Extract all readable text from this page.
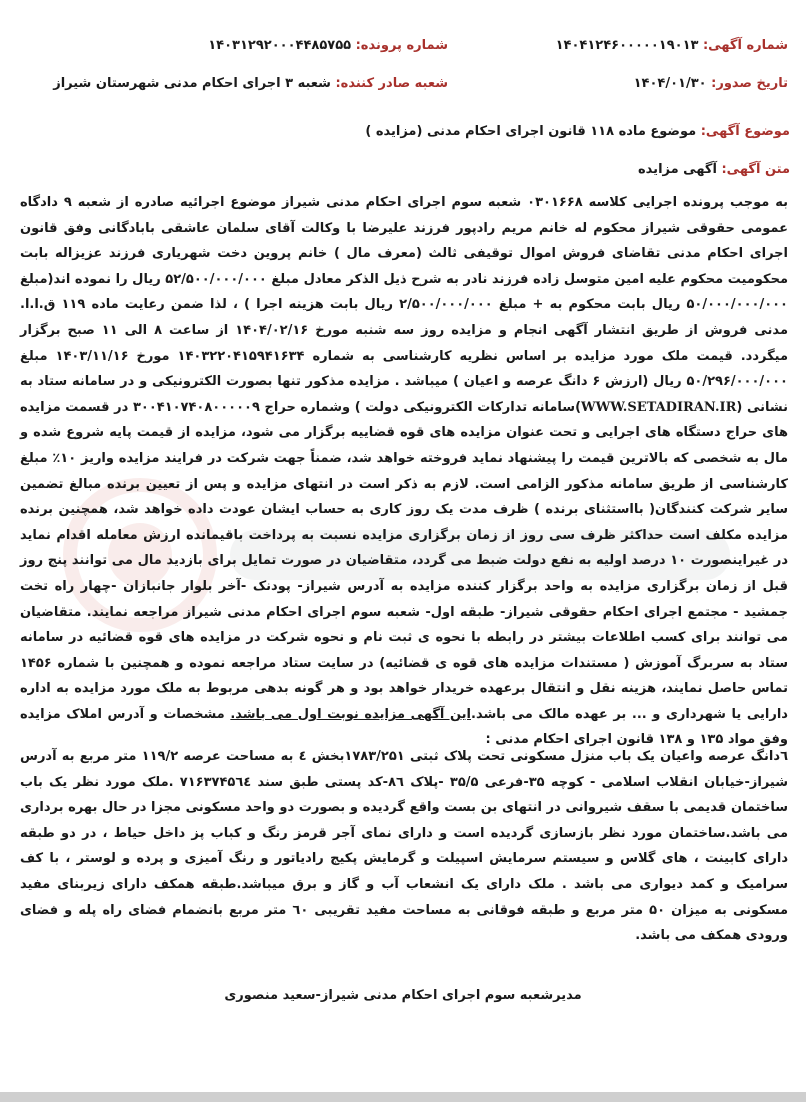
شماره آگهی: ۱۴۰۴۱۲۴۶۰۰۰۰۰۱۹۰۱۳
شماره پرونده: ۱۴۰۳۱۲۹۲۰۰۰۴۴۸۵۷۵۵
تاریخ صدور: ۱۴۰۴/۰۱/۳۰
شعبه صادر کننده: شعبه ۳ اجرای احکام مدنی شهرستان شیراز
موضوع آگهی: موضوع ماده ۱۱۸ قانون اجرای احکام مدنی (مزایده )
متن آگهی: آگهی مزایده
به موجب پرونده اجرایی کلاسه ۰۳۰۱۶۶۸ شعبه سوم اجرای احکام مدنی شیراز موضوع اجرائیه صادره از شعبه ۹ دادگاه عمومی حقوقی شیراز محکوم له خانم مریم رادپور فرزند علیرضا با وکالت آقای سلمان عاشقی بابادگانی وفق قانون اجرای احکام مدنی تقاضای فروش اموال توقیفی ثالث (معرف مال ) خانم پروین دخت شهریاری فرزند عزیزاله بابت محکومیت محکوم علیه امین متوسل زاده فرزند نادر به شرح ذیل الذکر معادل مبلغ ۵۲/۵۰۰/۰۰۰/۰۰۰ ریال را نموده اند(مبلغ ۵۰/۰۰۰/۰۰۰/۰۰۰ ریال بابت محکوم به + مبلغ ۲/۵۰۰/۰۰۰/۰۰۰ ریال بابت هزینه اجرا ) ، لذا ضمن رعایت ماده ۱۱۹ ق.ا.ا. مدنی فروش از طریق انتشار آگهی انجام و مزایده روز سه شنبه مورخ ۱۴۰۴/۰۲/۱۶ از ساعت ۸ الی ۱۱ صبح برگزار میگردد. قیمت ملک مورد مزایده بر اساس نظریه کارشناسی به شماره ۱۴۰۳۲۲۰۴۱۵۹۴۱۶۳۴ مورخ ۱۴۰۳/۱۱/۱۶ مبلغ ۵۰/۲۹۶/۰۰۰/۰۰۰ ریال (ارزش ۶ دانگ عرصه و اعیان ) میباشد . مزایده مذکور تنها بصورت الکترونیکی و در سامانه ستاد به نشانی (WWW.SETADIRAN.IR)سامانه تدارکات الکترونیکی دولت ) وشماره حراج ۳۰۰۴۱۰۷۴۰۸۰۰۰۰۰۹ در قسمت مزایده های حراج دستگاه های اجرایی و تحت عنوان مزایده های قوه قضاییه برگزار می شود، مزایده از قیمت پایه شروع شده و مال به شخصی که بالاترین قیمت را پیشنهاد نماید فروخته خواهد شد، ضمناً جهت شرکت در فرایند مزایده واریز ۱۰٪ مبلغ کارشناسی از طریق سامانه مذکور الزامی است. لازم به ذکر است در انتهای مزایده و پس از تعیین برنده مبالغ تضمین سایر شرکت کنندگان( بااستثنای برنده ) ظرف مدت یک روز کاری به حساب ایشان عودت داده خواهد شد، همچنین برنده مزایده مکلف است حداکثر ظرف سی روز از زمان برگزاری مزایده نسبت به پرداخت باقیمانده ارزش معامله اقدام نماید در غیراینصورت ۱۰ درصد اولیه به نفع دولت ضبط می گردد، متقاضیان در صورت تمایل برای بازدید مال می توانند پنج روز قبل از زمان برگزاری مزایده به واحد برگزار کننده مزایده به آدرس شیراز- پودنک -آخر بلوار جانبازان -چهار راه تخت جمشید - مجتمع اجرای احکام حقوقی شیراز- طبقه اول- شعبه سوم اجرای احکام مدنی شیراز مراجعه نمایند. متقاضیان می توانند برای کسب اطلاعات بیشتر در رابطه با نحوه ی ثبت نام و نحوه شرکت در مزایده های قوه قضائیه در سامانه ستاد به سربرگ آموزش ( مستندات مزایده های قوه ی قضائیه) در سایت ستاد مراجعه نموده و همچنین با شماره ۱۴۵۶ تماس حاصل نمایند، هزینه نقل و انتقال برعهده خریدار خواهد بود و هر گونه بدهی مربوط به ملک مورد مزایده به اداره دارایی یا شهرداری و ... بر عهده مالک می باشد.این آگهی مزایده نوبت اول می باشد. مشخصات و آدرس املاک مزایده وفق مواد ۱۳۵ و ۱۳۸ قانون اجرای احکام مدنی :
٦دانگ عرصه واعیان یک باب منزل مسکونی تحت پلاک ثبتی ۱۷۸۳/۲۵۱بخش ٤ به مساحت عرصه ۱۱۹/۲ متر مربع به آدرس شیراز-خیابان انقلاب اسلامی - کوچه ۳۵-فرعی ۳۵/۵ -پلاک ۸٦-کد پستی طبق سند ۷۱۶۳۷۴۵٦٤ .ملک مورد نظر یک باب ساختمان قدیمی با سقف شیروانی در انتهای بن بست واقع گردیده و بصورت دو واحد مسکونی مجزا در حال بهره برداری می باشد.ساختمان مورد نظر بازسازی گردیده است و دارای نمای آجر قرمز رنگ و کباب پز داخل حیاط ، در دو طبقه دارای کابینت ، های گلاس و سیستم سرمایش اسپیلت و گرمایش پکیج رادیاتور و رنگ آمیزی و پرده و لوستر ، با کف سرامیک و کمد دیواری می باشد . ملک دارای یک انشعاب آب و گاز و برق میباشد.طبقه همکف دارای زیربنای مفید مسکونی به میزان ۵۰ متر مربع و طبقه فوقانی به مساحت مفید تقریبی ٦۰ متر مربع بانضمام فضای راه پله و فضای ورودی همکف می باشد.
مدیرشعبه سوم اجرای احکام مدنی شیراز-سعید منصوری
